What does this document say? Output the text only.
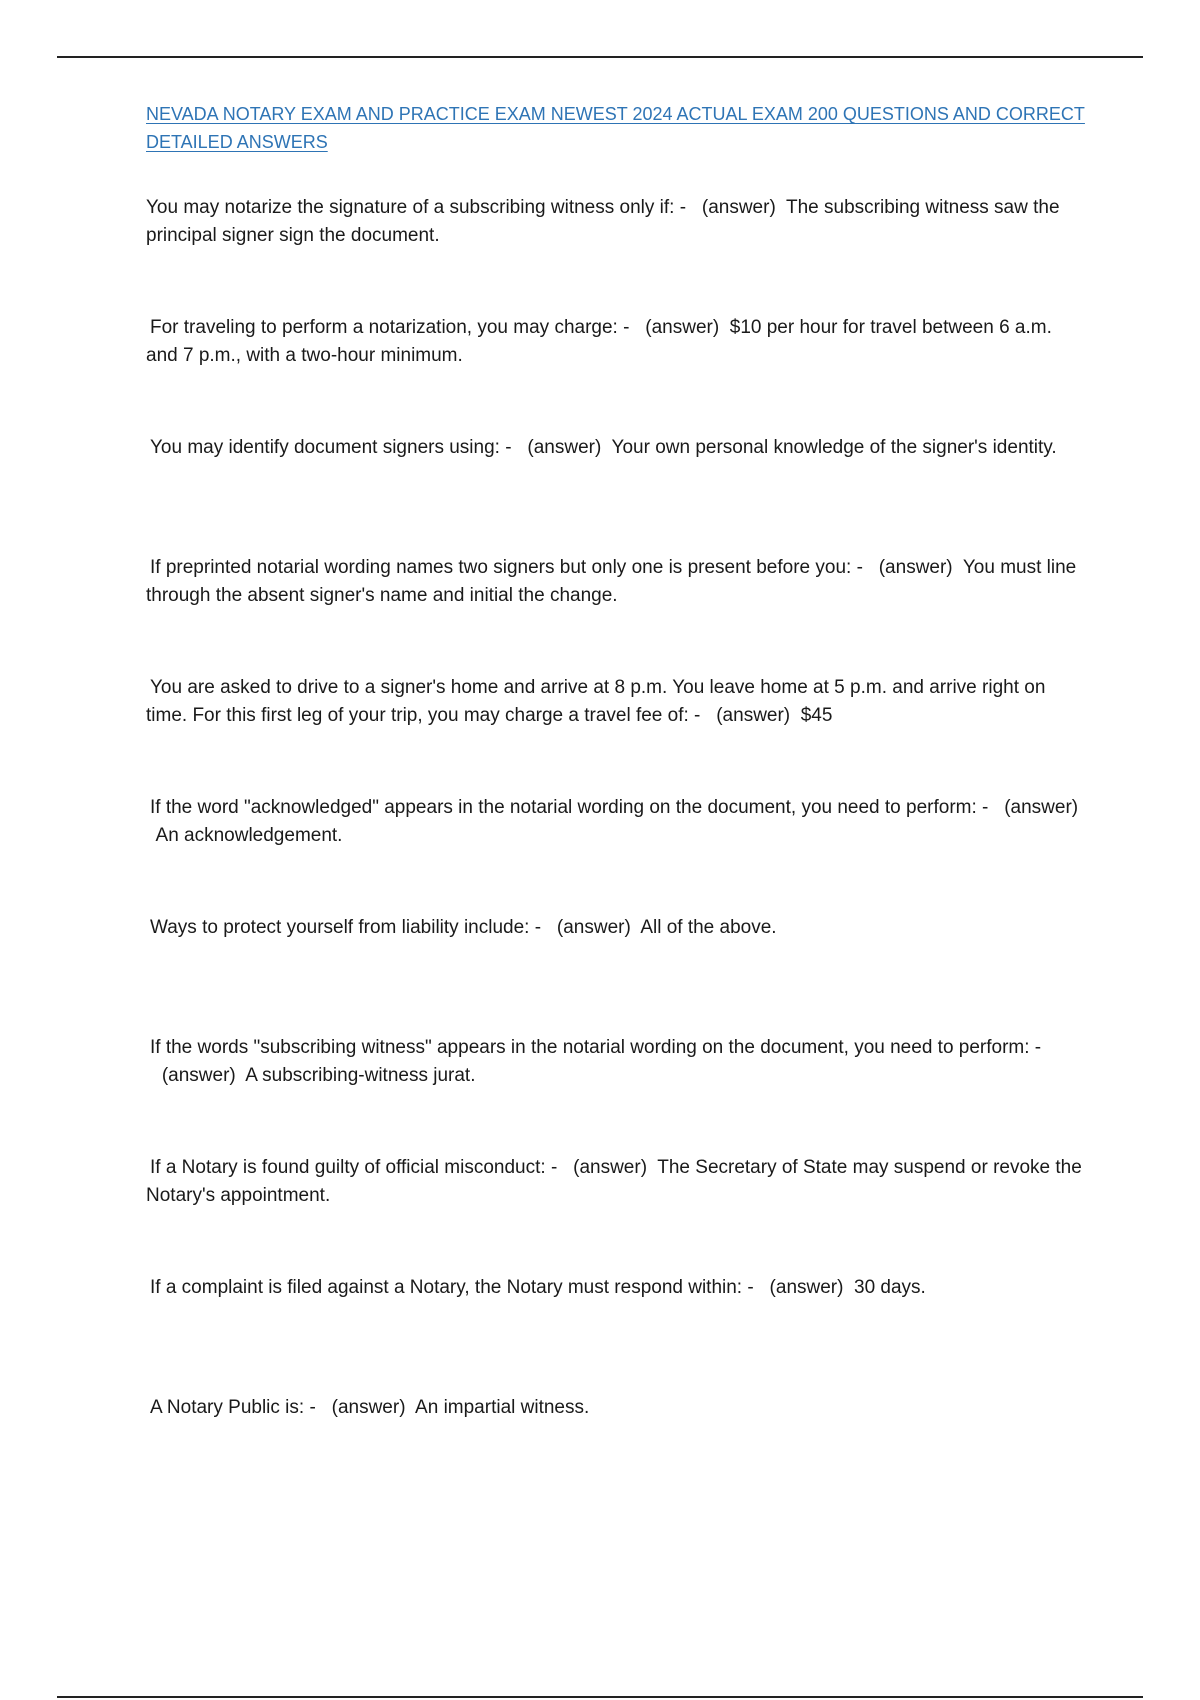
NEVADA NOTARY EXAM AND PRACTICE EXAM NEWEST 2024 ACTUAL EXAM 200 QUESTIONS AND CORRECT DETAILED ANSWERS
You may notarize the signature of a subscribing witness only if: - (answer) The subscribing witness saw the principal signer sign the document.
For traveling to perform a notarization, you may charge: - (answer) $10 per hour for travel between 6 a.m. and 7 p.m., with a two-hour minimum.
You may identify document signers using: - (answer) Your own personal knowledge of the signer's identity.
If preprinted notarial wording names two signers but only one is present before you: - (answer) You must line through the absent signer's name and initial the change.
You are asked to drive to a signer's home and arrive at 8 p.m. You leave home at 5 p.m. and arrive right on time. For this first leg of your trip, you may charge a travel fee of: - (answer) $45
If the word "acknowledged" appears in the notarial wording on the document, you need to perform: - (answer)  An acknowledgement.
Ways to protect yourself from liability include: - (answer) All of the above.
If the words "subscribing witness" appears in the notarial wording on the document, you need to perform: -   (answer) A subscribing-witness jurat.
If a Notary is found guilty of official misconduct: - (answer) The Secretary of State may suspend or revoke the Notary's appointment.
If a complaint is filed against a Notary, the Notary must respond within: - (answer) 30 days.
A Notary Public is: - (answer) An impartial witness.
